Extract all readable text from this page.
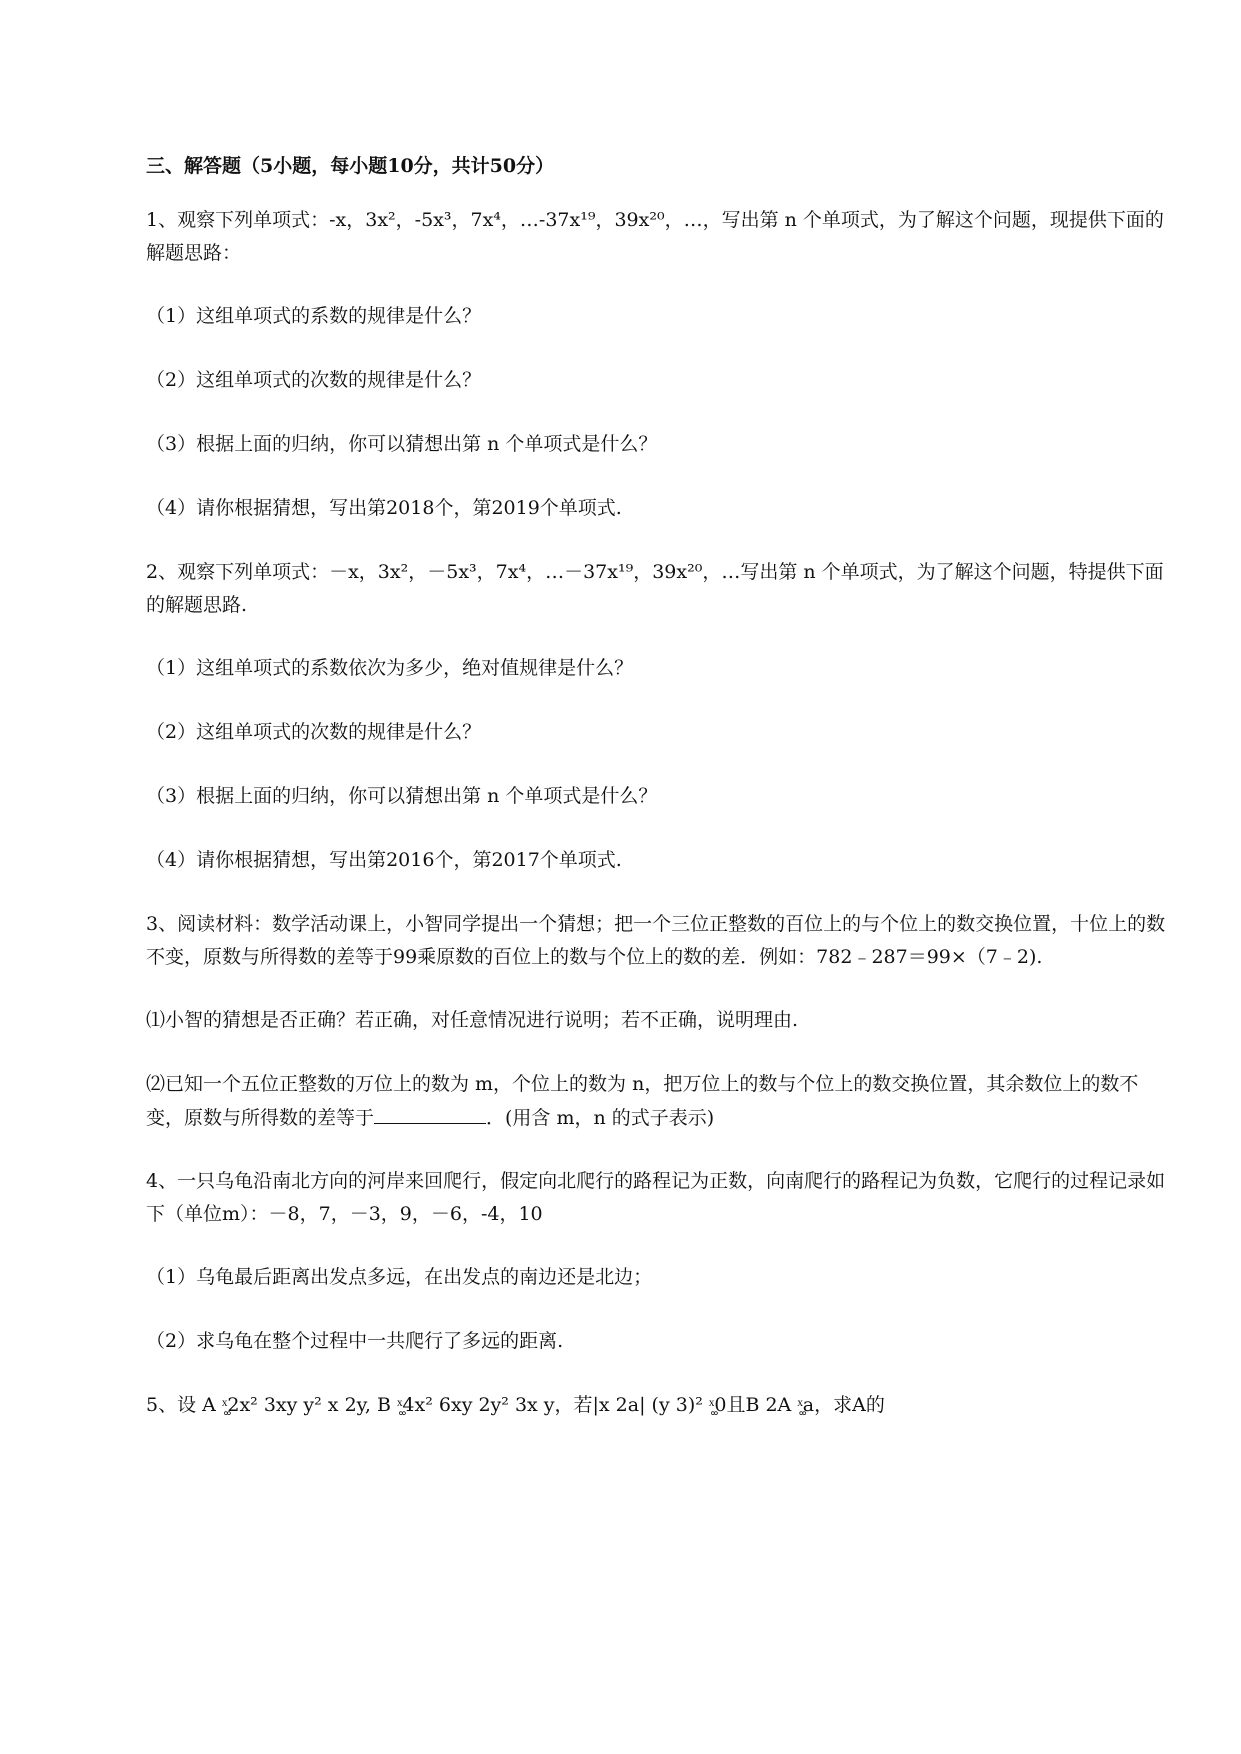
三、解答题（5小题，每小题10分，共计50分）
1、观察下列单项式：-x，3x²，-5x³，7x⁴，…-37x¹⁹，39x²⁰，…，写出第 n 个单项式，为了解这个问题，现提供下面的解题思路：
（1）这组单项式的系数的规律是什么？
（2）这组单项式的次数的规律是什么？
（3）根据上面的归纳，你可以猜想出第 n 个单项式是什么？
（4）请你根据猜想，写出第2018个，第2019个单项式.
2、观察下列单项式：－x，3x²，－5x³，7x⁴，…－37x¹⁹，39x²⁰，…写出第 n 个单项式，为了解这个问题，特提供下面的解题思路.
（1）这组单项式的系数依次为多少，绝对值规律是什么？
（2）这组单项式的次数的规律是什么？
（3）根据上面的归纳，你可以猜想出第 n 个单项式是什么？
（4）请你根据猜想，写出第2016个，第2017个单项式.
3、阅读材料：数学活动课上，小智同学提出一个猜想；把一个三位正整数的百位上的与个位上的数交换位置，十位上的数不变，原数与所得数的差等于99乘原数的百位上的数与个位上的数的差．例如：782﹣287＝99×（7﹣2).
⑴小智的猜想是否正确？若正确，对任意情况进行说明；若不正确，说明理由.
⑵已知一个五位正整数的万位上的数为 m，个位上的数为 n，把万位上的数与个位上的数交换位置，其余数位上的数不变，原数与所得数的差等于	．(用含 m，n 的式子表示)
4、一只乌龟沿南北方向的河岸来回爬行，假定向北爬行的路程记为正数，向南爬行的路程记为负数，它爬行的过程记录如下（单位m）：－8，7，－3，9，－6，-4，10
（1）乌龟最后距离出发点多远，在出发点的南边还是北边；
（2）求乌龟在整个过程中一共爬行了多远的距离.
5、设 A ˣ͚2x² 3xy y² x 2y, B ˣ͚4x² 6xy 2y² 3x y，若|x 2a| (y 3)² ˣ͚0且B 2A ˣ͚a，求A的
